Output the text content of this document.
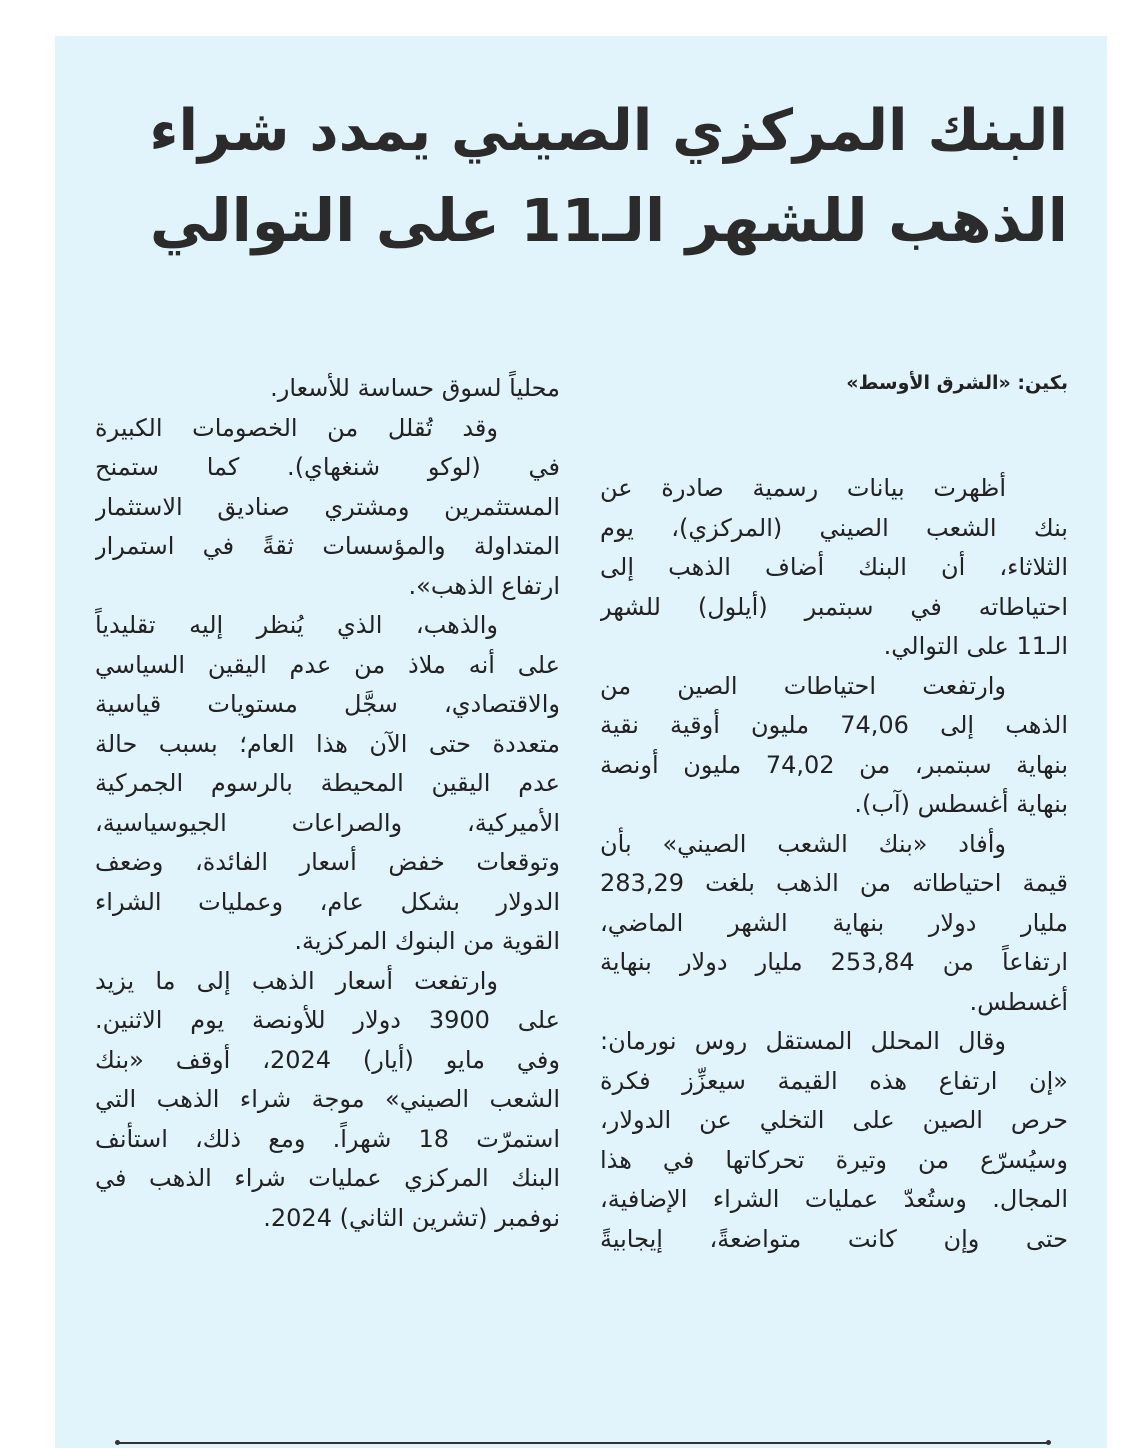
البنك المركزي الصيني يمدد شراء
الذهب للشهر الـ11 على التوالي
بكين: «الشرق الأوسط»
أظهرت بيانات رسمية صادرة عن
بنك الشعب الصيني (المركزي)، يوم
الثلاثاء، أن البنك أضاف الذهب إلى
احتياطاته في سبتمبر (أيلول) للشهر
الـ11 على التوالي.
وارتفعت احتياطات الصين من
الذهب إلى 74,06 مليون أوقية نقية
بنهاية سبتمبر، من 74,02 مليون أونصة
بنهاية أغسطس (آب).
وأفاد «بنك الشعب الصيني» بأن
قيمة احتياطاته من الذهب بلغت 283,29
مليار دولار بنهاية الشهر الماضي،
ارتفاعاً من 253,84 مليار دولار بنهاية
أغسطس.
وقال المحلل المستقل روس نورمان:
«إن ارتفاع هذه القيمة سيعزِّز فكرة
حرص الصين على التخلي عن الدولار،
وسيُسرّع من وتيرة تحركاتها في هذا
المجال. وستُعدّ عمليات الشراء الإضافية،
حتى وإن كانت متواضعةً، إيجابيةً
محلياً لسوق حساسة للأسعار.
وقد تُقلل من الخصومات الكبيرة
في (لوكو شنغهاي). كما ستمنح
المستثمرين ومشتري صناديق الاستثمار
المتداولة والمؤسسات ثقةً في استمرار
ارتفاع الذهب».
والذهب، الذي يُنظر إليه تقليدياً
على أنه ملاذ من عدم اليقين السياسي
والاقتصادي، سجَّل مستويات قياسية
متعددة حتى الآن هذا العام؛ بسبب حالة
عدم اليقين المحيطة بالرسوم الجمركية
الأميركية، والصراعات الجيوسياسية،
وتوقعات خفض أسعار الفائدة، وضعف
الدولار بشكل عام، وعمليات الشراء
القوية من البنوك المركزية.
وارتفعت أسعار الذهب إلى ما يزيد
على 3900 دولار للأونصة يوم الاثنين.
وفي مايو (أيار) 2024، أوقف «بنك
الشعب الصيني» موجة شراء الذهب التي
استمرّت 18 شهراً. ومع ذلك، استأنف
البنك المركزي عمليات شراء الذهب في
نوفمبر (تشرين الثاني) 2024.
